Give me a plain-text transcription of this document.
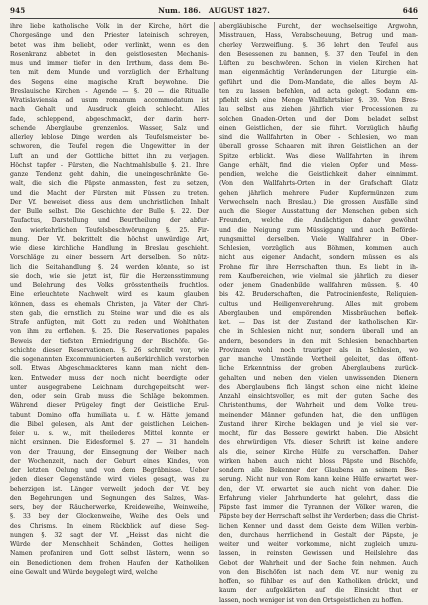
945	Num. 186. AUGUST 1827.	646
ihre liebe katholische Volk in der Kirche, hört die
Chorgesänge und den Priester lateinisch schreyen,
betet was ihm beliebt, oder verlinkt, wenn es den
Rosenkranz abbetet in den geistlosesten Mechanis-
mus und immer tiefer in den Irrthum, dass dem Be-
ten mit dem Munde und vorzüglich der Erhaltung
des Segens eine magische Kraft beywohne. Die
Breslauische Kirchen - Agende — §. 20 — die Ritualle
Wratislaviensia ad usum romanum accommodatum ist
nach Gehalt und Ausdruck gleich schlecht. Alles
fade, schleppend, abgeschmackt, der darin herr-
schende Aberglaube grenzenlos. Wasser, Salz und
allerley leblose Dinge werden als Teufelsmeister be-
schworen, die Teufel regen die Ungewitter in der
Luft an und der Gottliche bittet ihn zu verjagen.
Höchst tapfer - Fürsten, die Nachtmahlsbulle §. 21. Ihre
ganze Tendenz geht dahin, die uneingeschränkte Ge-
walt, die sich die Päpste anmassten, fest zu setzen,
und die Macht der Fürsten mit Füssen zu treten.
Der Vf. beweiset diess aus dem unchristlichen Inhalt
der Bulle selbst. Die Geschichte der Bulle §. 22. Der
Taufactus, Darstellung und Beurtheilung der abfur-
den wierkehrlichen Teufelsbeschwörungen §. 25. Fir-
mung. Der Vf. bekrittelt die höchst unwürdige Art,
wie diese kirchliche Handlung in Breslau geschieht.
Vorschläge zu einer bessern Art derselben. So nütz-
lich die Seitahandlung §. 24 werden könnte, so ist
sie doch, wie sie jetzt ist, für die Herzensstimmung
und Belehrung des Volks grösstentheils fruchtlos.
Eine erleuchtete Nachwelt wird es kaum glauben
können, dass es ehemals Christen, ja Väter der Chri-
sten gab, die ernstlich zu Steine war und die es als
Strafe anfügten, mit Gott zu reden und Wohlthaten
von ihm zu erflehen. §. 25. Die Reservationes papales
Beweis der tiefsten Erniedrigung der Bischöfe. Ge-
schichte dieser Reservationen. §. 26 schreibt vor, wie
die sogenannten Excommunicierten außerkirchlich verstorben
soll. Etwas Abgeschmackteres kann man nicht den-
ken. Entweder muss der noch nicht beerdigte oder
unter ausgegrabene Leichnam durchgepeitscht wer-
den, oder sein Grab muss die Schläge bekommen.
Während dieser Prügeley fingt der Geistliche Erul-
tabunt Domino offa humiliata u. f. w. Hätte jemand
die Bibel gelesen, als Amt der geistlichen Leichen-
feier u. s. w., mit theilederes Mittel konnte er
nicht ersinnen. Die Eidesformel §. 27 — 31 handeln
von der Trauung, der Einsegnung der Weiber nach
der Wochenzeit, nach der Geburt eines Kindes, von
der letzten Oelung und von dem Begräbnisse. Ueber
jeden dieser Gegenstände wird vieles gesagt, was zu
beherzigen ist. Länger verweilt jedoch der Vf. bey
den Begehrungen und Segnungen des Salzes, Was-
sers, bey der Räucherwerke, Kreideweihe, Weinweihe,
§. 33 bey der Glockenweihe, Weihe des Oels und
des Chrisms. In einem Rückblick auf diese Seg-
nungen §. 32 sagt der Vf. „Heisst das nicht die
Würde der Menschheit Schänden, Gottes heiligen
Namen profaniren und Gott selbst lästern, wenn so
ein Benedictionen dem frohen Haufen der Katholiken
eine Gewalt und Würde beygelegt wird, welche
abergläubische Furcht, der wechselseitige Argwohn,
Misstrauen, Hass, Verabscheuung, Betrug und man-
cherley Verzweiflung. §. 36 lehrt den Teufel aus
den Besessenen zu bannen, §. 37 den Teufel in den
Lüften zu beschwören. Schon in vielen Kirchen hat
man eigenmächtig Veränderungen der Liturgie ein-
geführt und die Dom-Mandate, die alles beym Al-
ten zu lassen befehlen, ad acta gelegt. Sodann em-
pfiehlt sich eine Menge Wallfahrtsbier §. 39. Von Bres-
lau selbst aus ziehen jährlich vier Processionen zu
solchen Gnaden-Orten und der Dom beladet selbst
einen Geistlichen, der sie führt. Vorzüglich häufig
sind die Wallfahrten in Ober - Schlesien, wo man
überall grosse Schaaren mit ihren Geistlichen an der
Spitze erblickt. Was diese Wallfahrten in ihrem
Gange erhält, find die vielen Opfer und Mess-
pendien, welche die Geistlichkeit daher einnimmt.
(Von den Wallfahrts-Orten in der Grafschaft Glatz
gehen jährlich mehrere Fuder Kupfermünzen zum
Verwechseln nach Breslau.) Die grossen Ausfälle sind
auch die Sieger Ausstattung der Menschen geben sich
Freunden, welche die Andächtigen daher gewöhnt
und die Neigung zum Müssiggang und auch Beförde-
rungsmittel derselben. Viele Wallfahrer in Ober-
Schlesien, vorzüglich aus Böhmen, kommen auch
nicht aus eigener Andacht, sondern müssen es als
Frohne für ihre Herrschaften thun. Es liebt in ih-
rem Kaufbereichen, wie vielmal sie jährlich zu dieser
oder jenem Gnadenbilde wallfahren müssen. §. 40
bis 42. Bruderschaften, die Patrocinienfeste, Reliquien-
cultus und Heiligenverehrung. Alles mit grobem
Aberglauben und empörenden Missbräuchen beflek-
ket. — Das ist der Zustand der katholischen Kir-
che in Schlesien nicht nur, sondern überall und an
andern, besonders in den mit Schlesien benachbarten
Provinzen wohl noch trauriger als in Schlesien, wo
gar manche Umstände Vortheil geleitet, das öffent-
liche Erkenntniss der groben Aberglaubens zurück-
gehalten und neben den vielen unwissenden Dienern
des Aberglaubens fich längst schon eine nicht kleine
Anzahl einsichtsvoller, es mit der guten Sache des
Christenthums, der Wahrheit und dem Volke treu-
meinender Männer gefunden hat, die den unflügen
Zustand ihrer Kirche beklagen und je viel sie ver-
mocht, für das Bessere gewirkt haben. Die Absicht
des ehrwürdigen Vfs. dieser Schrift ist keine andere
als die, seiner Kirche Hülfe zu verschaffen. Daher
wirken haben auch nicht bloss Päpste und Bischöfe,
sondern alle Bekenner der Glaubens an seinem Bes-
serung. Nicht nur von Rom kann keine Hülfe erwartet wer-
den, der Vf. erwartet sie auch nicht von daher. Die
Erfahrung vieler Jahrhunderte hat gelehrt, dass die
Päpste fast immer die Tyrannen der Völker waren, die
Päpste bey der Herrschaft selbst ihr Verderben; dass die Christ-
lichen Kenner und dasst dem Geiste dem Willen verbin-
den, durchaus herrlichend in Gestalt der Päpste, je
weiter und weiter vorkomme, nicht zugleich umzu-
lassen, in reinsten Gewissen und Heilslehre das
Gebot der Wahrheit und der Sache fein nehmen. Auch
von den Bischöfen ist nach dem Vf. nur wenig zu
hoffen, so fühlbar es auf den Katholiken drückt, und
kaum der aufgeklärten auf die Einsicht thut er
lassen, noch weniger ist von den Ortsgeistlichen zu hoffen.
